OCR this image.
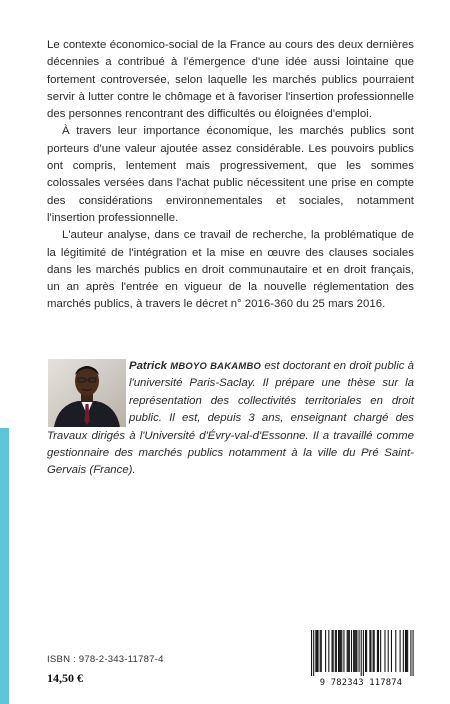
Le contexte économico-social de la France au cours des deux dernières décennies a contribué à l'émergence d'une idée aussi lointaine que fortement controversée, selon laquelle les marchés publics pourraient servir à lutter contre le chômage et à favoriser l'insertion professionnelle des personnes rencontrant des difficultés ou éloignées d'emploi.

À travers leur importance économique, les marchés publics sont porteurs d'une valeur ajoutée assez considérable. Les pouvoirs publics ont compris, lentement mais progressivement, que les sommes colossales versées dans l'achat public nécessitent une prise en compte des considérations environnementales et sociales, notamment l'insertion professionnelle.

L'auteur analyse, dans ce travail de recherche, la problématique de la légitimité de l'intégration et la mise en œuvre des clauses sociales dans les marchés publics en droit communautaire et en droit français, un an après l'entrée en vigueur de la nouvelle réglementation des marchés publics, à travers le décret n° 2016-360 du 25 mars 2016.

Patrick MBOYO BAKAMBO est doctorant en droit public à l'université Paris-Saclay. Il prépare une thèse sur la représentation des collectivités territoriales en droit public. Il est, depuis 3 ans, enseignant chargé des Travaux dirigés à l'Université d'Évry-val-d'Essonne. Il a travaillé comme gestionnaire des marchés publics notamment à la ville du Pré Saint-Gervais (France).
ISBN : 978-2-343-11787-4
14,50 €	9 782343 117874
